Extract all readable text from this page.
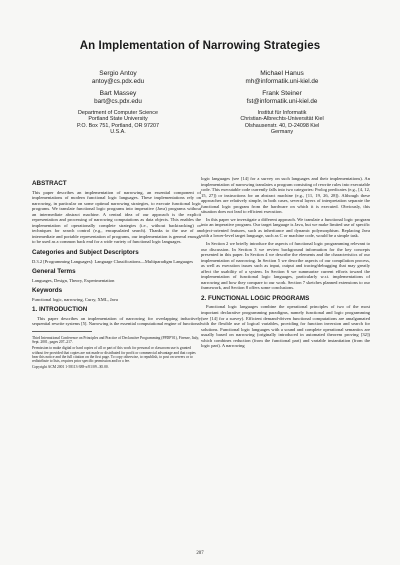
An Implementation of Narrowing Strategies
Sergio Antoy
antoy@cs.pdx.edu
Bart Massey
bart@cs.pdx.edu
Department of Computer Science
Portland State University
P.O. Box 751, Portland, OR 97207
U.S.A.
Michael Hanus
mh@informatik.uni-kiel.de
Frank Steiner
fst@informatik.uni-kiel.de
Institut für Informatik
Christian-Albrechts-Universität Kiel
Olshausenstr. 40, D-24098 Kiel
Germany
ABSTRACT

This paper describes an implementation of narrowing, an essential component of implementations of modern functional logic languages. These implementations rely on narrowing, in particular on some optimal narrowing strategies, to execute functional logic programs. We translate functional logic programs into imperative (Java) programs without an intermediate abstract machine. A central idea of our approach is the explicit representation and processing of narrowing computations as data objects. This enables the implementation of operationally complete strategies (i.e., without backtracking) or techniques for search control (e.g., encapsulated search). Thanks to the use of an intermediate and portable representation of programs, our implementation is general enough to be used as a common back end for a wide variety of functional logic languages.

Categories and Subject Descriptors

D.3.2 [Programming Languages]: Language Classifications—Multiparadigm Languages

General Terms

Languages, Design, Theory, Experimentation

Keywords

Functional logic, narrowing, Curry, XML, Java

1. INTRODUCTION

This paper describes an implementation of narrowing for overlapping inductively sequential rewrite systems [5]. Narrowing is the essential computational engine of functional

Third International Conference on Principles and Practice of Declarative Programming (PPDP'01), Firenze, Italy, Sept. 2001, pages 207–217.
Permission to make digital or hard copies of all or part of this work for personal or classroom use is granted without fee provided that copies are not made or distributed for profit or commercial advantage and that copies bear this notice and the full citation on the first page. To copy otherwise, to republish, to post on servers or to redistribute to lists, requires prior specific permission and/or a fee.
Copyright ACM 2001 1-58113-388-x/01/09...$5.00.

logic languages (see [14] for a survey on such languages and their implementations). An implementation of narrowing translates a program consisting of rewrite rules into executable code. This executable code currently falls into two categories: Prolog predicates (e.g., [4, 12, 15, 27]) or instructions for an abstract machine (e.g., [11, 19, 26, 28]). Although these approaches are relatively simple, in both cases, several layers of interpretation separate the functional logic program from the hardware on which it is executed. Obviously, this situation does not lead to efficient execution.

In this paper we investigate a different approach. We translate a functional logic program into an imperative program. Our target language is Java, but we make limited use of specific object-oriented features, such as inheritance and dynamic polymorphism. Replacing Java with a lower-level target language, such as C or machine code, would be a simple task.

In Section 2 we briefly introduce the aspects of functional logic programming relevant to our discussion. In Section 3 we review background information for the key concepts presented in this paper. In Section 4 we describe the elements and the characteristics of our implementation of narrowing. In Section 5 we describe aspects of our compilation process, as well as execution issues such as input, output and tracing/debugging that may greatly affect the usability of a system. In Section 6 we summarize current efforts toward the implementation of functional logic languages, particularly w.r.t. implementations of narrowing and how they compare to our work. Section 7 sketches planned extensions to our framework, and Section 8 offers some conclusions.

2. FUNCTIONAL LOGIC PROGRAMS

Functional logic languages combine the operational principles of two of the most important declarative programming paradigms, namely functional and logic programming (see [14] for a survey). Efficient demand-driven functional computations are amalgamated with the flexible use of logical variables, providing for function inversion and search for solutions. Functional logic languages with a sound and complete operational semantics are usually based on narrowing (originally introduced in automated theorem proving [32]) which combines reduction (from the functional part) and variable instantiation (from the logic part). A narrowing

207
